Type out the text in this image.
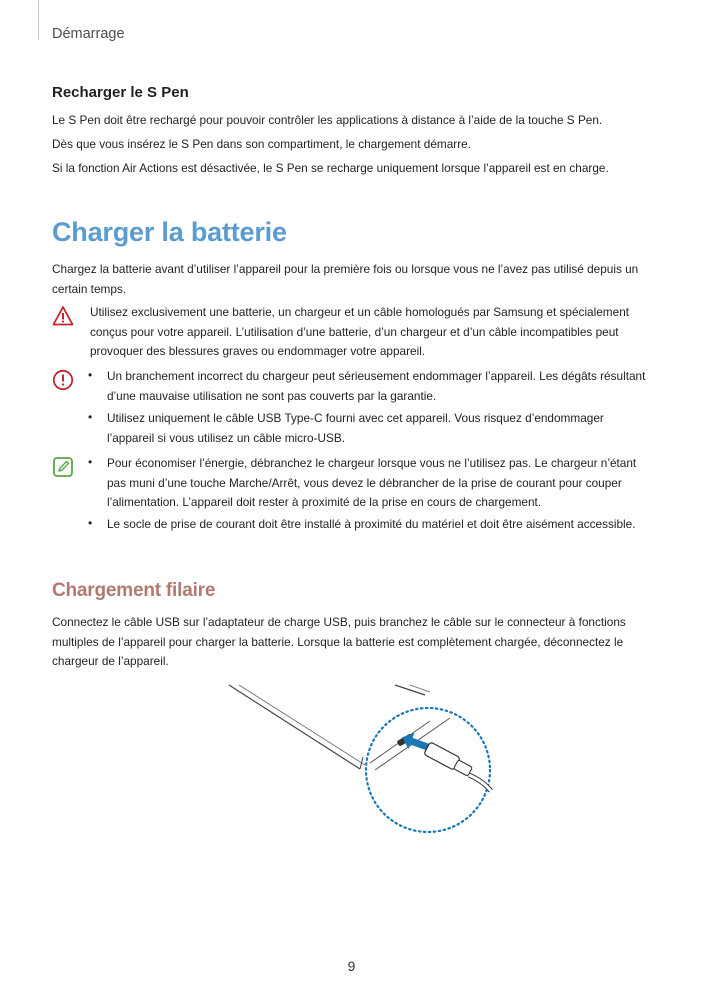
Démarrage
Recharger le S Pen
Le S Pen doit être rechargé pour pouvoir contrôler les applications à distance à l’aide de la touche S Pen.
Dès que vous insérez le S Pen dans son compartiment, le chargement démarre.
Si la fonction Air Actions est désactivée, le S Pen se recharge uniquement lorsque l’appareil est en charge.
Charger la batterie
Chargez la batterie avant d’utiliser l’appareil pour la première fois ou lorsque vous ne l’avez pas utilisé depuis un certain temps.
Utilisez exclusivement une batterie, un chargeur et un câble homologués par Samsung et spécialement conçus pour votre appareil. L’utilisation d’une batterie, d’un chargeur et d’un câble incompatibles peut provoquer des blessures graves ou endommager votre appareil.
• Un branchement incorrect du chargeur peut sérieusement endommager l’appareil. Les dégâts résultant d’une mauvaise utilisation ne sont pas couverts par la garantie.
• Utilisez uniquement le câble USB Type-C fourni avec cet appareil. Vous risquez d’endommager l’appareil si vous utilisez un câble micro-USB.
• Pour économiser l’énergie, débranchez le chargeur lorsque vous ne l’utilisez pas. Le chargeur n’étant pas muni d’une touche Marche/Arrêt, vous devez le débrancher de la prise de courant pour couper l’alimentation. L’appareil doit rester à proximité de la prise en cours de chargement.
• Le socle de prise de courant doit être installé à proximité du matériel et doit être aisément accessible.
Chargement filaire
Connectez le câble USB sur l’adaptateur de charge USB, puis branchez le câble sur le connecteur à fonctions multiples de l’appareil pour charger la batterie. Lorsque la batterie est complètement chargée, déconnectez le chargeur de l’appareil.
9
